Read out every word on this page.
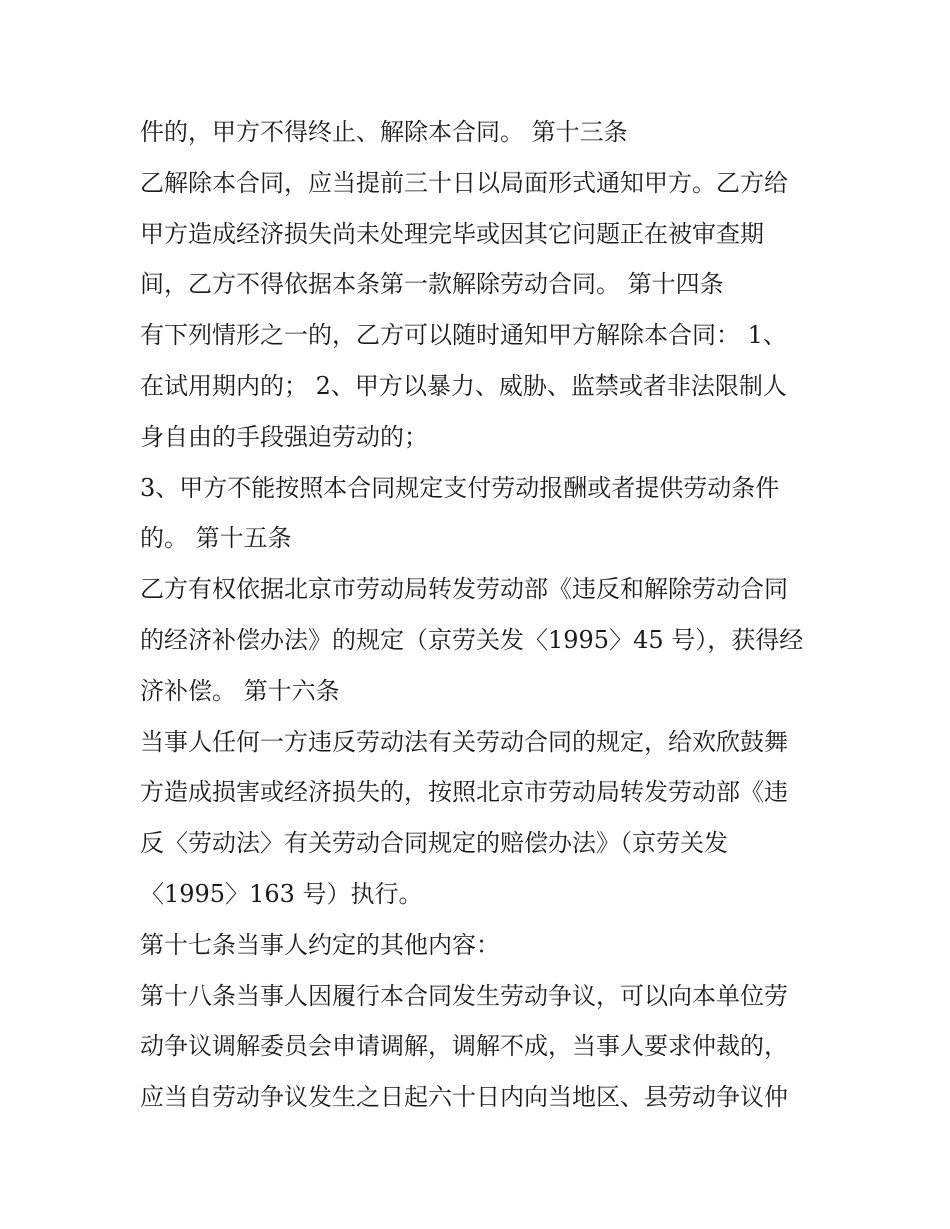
件的，甲方不得终止、解除本合同。 第十三条
乙解除本合同，应当提前三十日以局面形式通知甲方。乙方给
甲方造成经济损失尚未处理完毕或因其它问题正在被审查期
间，乙方不得依据本条第一款解除劳动合同。 第十四条
有下列情形之一的，乙方可以随时通知甲方解除本合同： 1、
在试用期内的； 2、甲方以暴力、威胁、监禁或者非法限制人
身自由的手段强迫劳动的；
3、甲方不能按照本合同规定支付劳动报酬或者提供劳动条件
的。 第十五条
乙方有权依据北京市劳动局转发劳动部《违反和解除劳动合同
的经济补偿办法》的规定（京劳关发〈1995〉45 号），获得经
济补偿。 第十六条
当事人任何一方违反劳动法有关劳动合同的规定，给欢欣鼓舞
方造成损害或经济损失的，按照北京市劳动局转发劳动部《违
反〈劳动法〉有关劳动合同规定的赔偿办法》（京劳关发
〈1995〉163 号）执行。
第十七条当事人约定的其他内容：
第十八条当事人因履行本合同发生劳动争议，可以向本单位劳
动争议调解委员会申请调解，调解不成，当事人要求仲裁的，
应当自劳动争议发生之日起六十日内向当地区、县劳动争议仲
